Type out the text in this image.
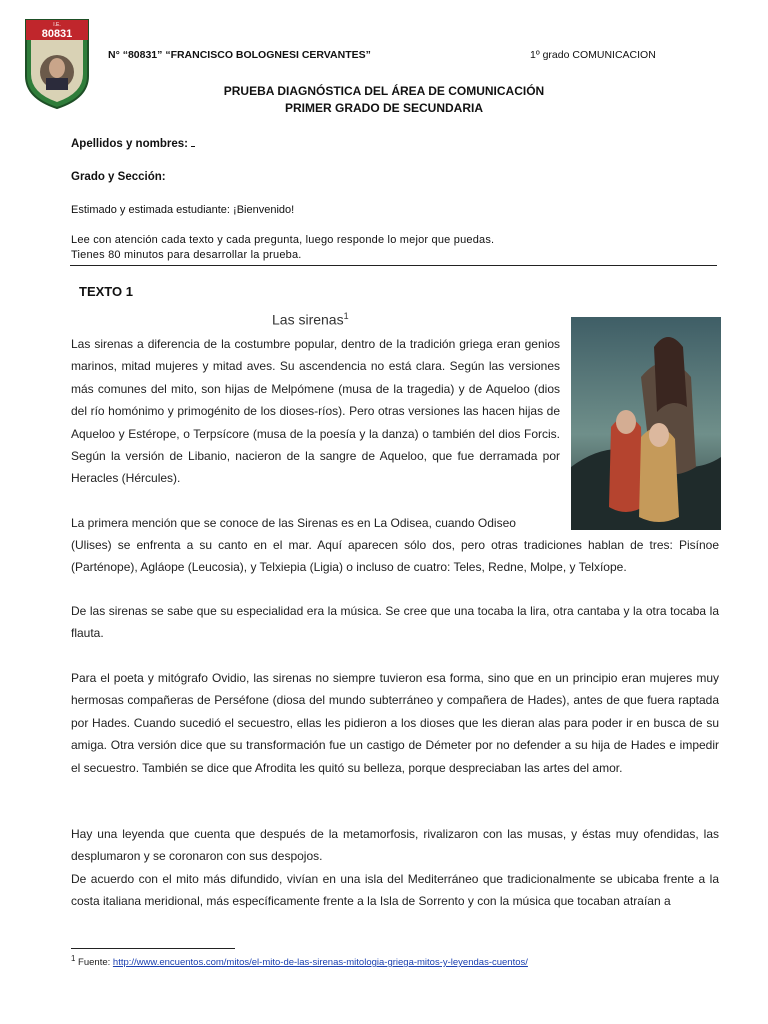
I.E.
80831
N° “80831” “FRANCISCO BOLOGNESI CERVANTES”	1º grado COMUNICACION
PRUEBA DIAGNÓSTICA DEL ÁREA DE COMUNICACIÓN
PRIMER GRADO DE SECUNDARIA
Apellidos y nombres:
Grado y Sección:
Estimado y estimada estudiante: ¡Bienvenido!
Lee con atención cada texto y cada pregunta, luego responde lo mejor que puedas.
Tienes 80 minutos para desarrollar la prueba.
TEXTO 1
Las sirenas$^1$
Las sirenas a diferencia de la costumbre popular, dentro de la tradición griega eran genios marinos, mitad mujeres y mitad aves. Su ascendencia no está clara. Según las versiones más comunes del mito, son hijas de Melpómene (musa de la tragedia) y de Aqueloo (dios del río homónimo y primogénito de los dioses-ríos). Pero otras versiones las hacen hijas de Aqueloo y Estérope, o Terpsícore (musa de la poesía y la danza) o también del dios Forcis. Según la versión de Libanio, nacieron de la sangre de Aqueloo, que fue derramada por Heracles (Hércules).
La primera mención que se conoce de las Sirenas es en La Odisea, cuando Odiseo
(Ulises) se enfrenta a su canto en el mar. Aquí aparecen sólo dos, pero otras tradiciones hablan de tres: Pisínoe (Parténope), Agláope (Leucosia), y Telxiepia (Ligia) o incluso de cuatro: Teles, Redne, Molpe, y Telxíope.
De las sirenas se sabe que su especialidad era la música. Se cree que una tocaba la lira, otra cantaba y la otra tocaba la flauta.
Para el poeta y mitógrafo Ovidio, las sirenas no siempre tuvieron esa forma, sino que en un principio eran mujeres muy hermosas compañeras de Perséfone (diosa del mundo subterráneo y compañera de Hades), antes de que fuera raptada por Hades. Cuando sucedió el secuestro, ellas les pidieron a los dioses que les dieran alas para poder ir en busca de su amiga. Otra versión dice que su transformación fue un castigo de Démeter por no defender a su hija de Hades e impedir el secuestro. También se dice que Afrodita les quitó su belleza, porque despreciaban las artes del amor.
Hay una leyenda que cuenta que después de la metamorfosis, rivalizaron con las musas, y éstas muy ofendidas, las desplumaron y se coronaron con sus despojos.
De acuerdo con el mito más difundido, vivían en una isla del Mediterráneo que tradicionalmente se ubicaba frente a la costa italiana meridional, más específicamente frente a la Isla de Sorrento y con la música que tocaban atraían a
$^1$ Fuente: http://www.encuentos.com/mitos/el-mito-de-las-sirenas-mitologia-griega-mitos-y-leyendas-cuentos/
